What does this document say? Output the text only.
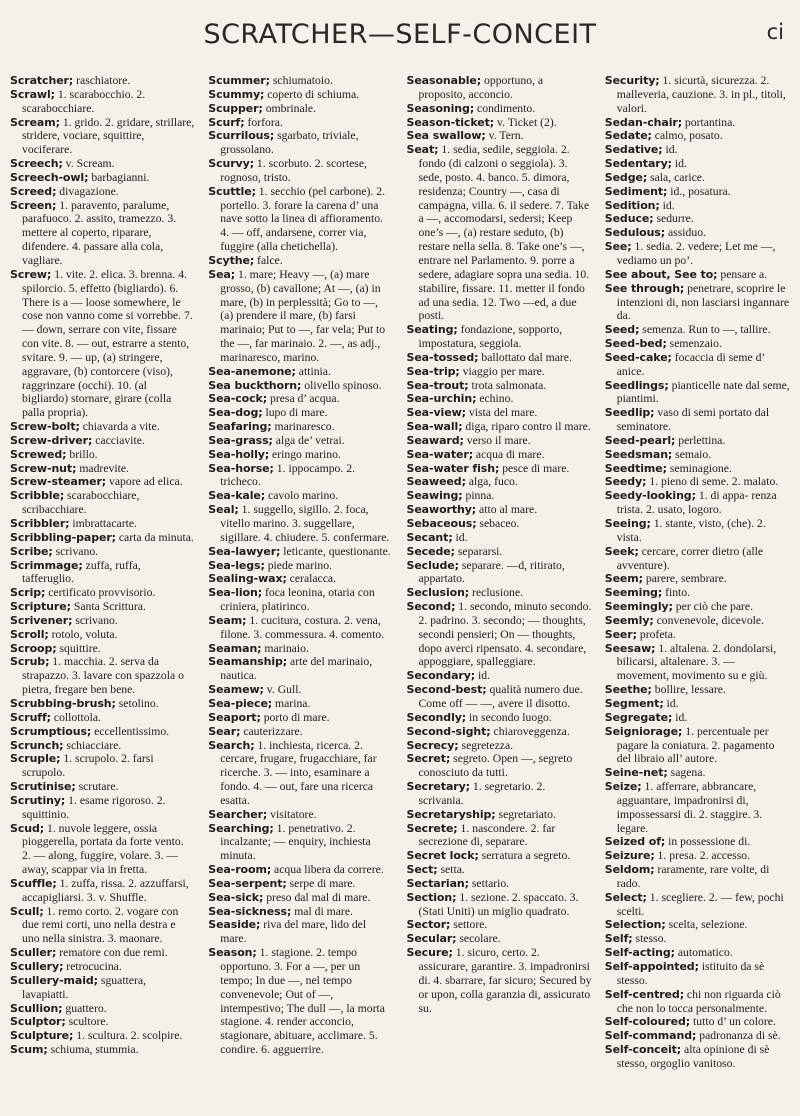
SCRATCHER—SELF-CONCEIT	ci

Scratcher; raschiatore.

Scrawl; 1. scarabocchio. 2. scarabocchiare.

Scream; 1. grido. 2. gridare, strillare, stridere, vociare, squittire, vociferare.

Screech; v. Scream.

Screech-owl; barbagianni.

Screed; divagazione.

Screen; 1. paravento, paralume, parafuoco. 2. assito, tramezzo. 3. mettere al coperto, riparare, difendere. 4. passare alla cola, vagliare.

Screw; 1. vite. 2. elica. 3. brenna. 4. spilorcio. 5. effetto (bigliardo). 6. There is a — loose somewhere, le cose non vanno come si vorrebbe. 7. — down, serrare con vite, fissare con vite. 8. — out, estrarre a stento, svitare. 9. — up, (a) stringere, aggravare, (b) contorcere (viso), raggrinzare (occhi). 10. (al bigliardo) stornare, girare (colla palla propria).

Screw-bolt; chiavarda a vite.

Screw-driver; cacciavite.

Screwed; brillo.

Screw-nut; madrevite.

Screw-steamer; vapore ad elica.

Scribble; scarabocchiare, scribacchiare.

Scribbler; imbrattacarte.

Scribbling-paper; carta da minuta.

Scribe; scrivano.

Scrimmage; zuffa, ruffa, tafferuglio.

Scrip; certificato provvisorio.

Scripture; Santa Scrittura.

Scrivener; scrivano.

Scroll; rotolo, voluta.

Scroop; squittire.

Scrub; 1. macchia. 2. serva da strapazzo. 3. lavare con spazzola o pietra, fregare ben bene.

Scrubbing-brush; setolino.

Scruff; collottola.

Scrumptious; eccellentissimo.

Scrunch; schiacciare.

Scruple; 1. scrupolo. 2. farsi scrupolo.

Scrutinise; scrutare.

Scrutiny; 1. esame rigoroso. 2. squittinio.

Scud; 1. nuvole leggere, ossia pioggerella, portata da forte vento. 2. — along, fuggire, volare. 3. — away, scappar via in fretta.

Scuffle; 1. zuffa, rissa. 2. azzuffarsi, accapigliarsi. 3. v. Shuffle.

Scull; 1. remo corto. 2. vogare con due remi corti, uno nella destra e uno nella sinistra. 3. maonare.

Sculler; rematore con due remi.

Scullery; retrocucina.

Scullery-maid; sguattera, lavapiatti.

Scullion; guattero.

Sculptor; scultore.

Sculpture; 1. scultura. 2. scolpire.

Scum; schiuma, stummia.

Scummer; schiumatoio.

Scummy; coperto di schiuma.

Scupper; ombrinale.

Scurf; forfora.

Scurrilous; sgarbato, triviale, grossolano.

Scurvy; 1. scorbuto. 2. scortese, rognoso, tristo.

Scuttle; 1. secchio (pel carbone). 2. portello. 3. forare la carena d’ una nave sotto la linea di affioramento. 4. — off, andarsene, correr via, fuggire (alla chetichella).

Scythe; falce.

Sea; 1. mare; Heavy —, (a) mare grosso, (b) cavallone; At —, (a) in mare, (b) in perplessità; Go to —, (a) prendere il mare, (b) farsi marinaio; Put to —, far vela; Put to the —, far marinaio. 2. —, as adj., marinaresco, marino.

Sea-anemone; attinia.

Sea buckthorn; olivello spinoso.

Sea-cock; presa d’ acqua.

Sea-dog; lupo di mare.

Seafaring; marinaresco.

Sea-grass; alga de’ vetrai.

Sea-holly; eringo marino.

Sea-horse; 1. ippocampo. 2. tricheco.

Sea-kale; cavolo marino.

Seal; 1. suggello, sigillo. 2. foca, vitello marino. 3. suggellare, sigillare. 4. chiudere. 5. confermare.

Sea-lawyer; leticante, questionante.

Sea-legs; piede marino.

Sealing-wax; ceralacca.

Sea-lion; foca leonina, otaria con criniera, platirinco.

Seam; 1. cucitura, costura. 2. vena, filone. 3. commessura. 4. comento.

Seaman; marinaio.

Seamanship; arte del marinaio, nautica.

Seamew; v. Gull.

Sea-piece; marina.

Seaport; porto di mare.

Sear; cauterizzare.

Search; 1. inchiesta, ricerca. 2. cercare, frugare, frugacchiare, far ricerche. 3. — into, esaminare a fondo. 4. — out, fare una ricerca esatta.

Searcher; visitatore.

Searching; 1. penetrativo. 2. incalzante; — enquiry, inchiesta minuta.

Sea-room; acqua libera da correre.

Sea-serpent; serpe di mare.

Sea-sick; preso dal mal di mare.

Sea-sickness; mal di mare.

Seaside; riva del mare, lido del mare.

Season; 1. stagione. 2. tempo opportuno. 3. For a —, per un tempo; In due —, nel tempo convenevole; Out of —, intempestivo; The dull —, la morta stagione. 4. render acconcio, stagionare, abituare, acclimare. 5. condire. 6. agguerrire.

Seasonable; opportuno, a proposito, acconcio.

Seasoning; condimento.

Season-ticket; v. Ticket (2).

Sea swallow; v. Tern.

Seat; 1. sedia, sedile, seggiola. 2. fondo (di calzoni o seggiola). 3. sede, posto. 4. banco. 5. dimora, residenza; Country —, casa di campagna, villa. 6. il sedere. 7. Take a —, accomodarsi, sedersi; Keep one’s —, (a) restare seduto, (b) restare nella sella. 8. Take one’s —, entrare nel Parlamento. 9. porre a sedere, adagiare sopra una sedia. 10. stabilire, fissare. 11. metter il fondo ad una sedia. 12. Two —ed, a due posti.

Seating; fondazione, sopporto, impostatura, seggiola.

Sea-tossed; ballottato dal mare.

Sea-trip; viaggio per mare.

Sea-trout; trota salmonata.

Sea-urchin; echino.

Sea-view; vista del mare.

Sea-wall; diga, riparo contro il mare.

Seaward; verso il mare.

Sea-water; acqua di mare.

Sea-water fish; pesce di mare.

Seaweed; alga, fuco.

Seawing; pinna.

Seaworthy; atto al mare.

Sebaceous; sebaceo.

Secant; id.

Secede; separarsi.

Seclude; separare. —d, ritirato, appartato.

Seclusion; reclusione.

Second; 1. secondo, minuto secondo. 2. padrino. 3. secondo; — thoughts, secondi pensieri; On — thoughts, dopo averci ripensato. 4. secondare, appoggiare, spalleggiare.

Secondary; id.

Second-best; qualità numero due. Come off — —, avere il disotto.

Secondly; in secondo luogo.

Second-sight; chiaroveggenza.

Secrecy; segretezza.

Secret; segreto. Open —, segreto conosciuto da tutti.

Secretary; 1. segretario. 2. scrivania.

Secretaryship; segretariato.

Secrete; 1. nascondere. 2. far secrezione di, separare.

Secret lock; serratura a segreto.

Sect; setta.

Sectarian; settario.

Section; 1. sezione. 2. spaccato. 3. (Stati Uniti) un miglio quadrato.

Sector; settore.

Secular; secolare.

Secure; 1. sicuro, certo. 2. assicurare, garantire. 3. impadronirsi di. 4. sbarrare, far sicuro; Secured by or upon, colla garanzia di, assicurato su.

Security; 1. sicurtà, sicurezza. 2. malleveria, cauzione. 3. in pl., titoli, valori.

Sedan-chair; portantina.

Sedate; calmo, posato.

Sedative; id.

Sedentary; id.

Sedge; sala, carice.

Sediment; id., posatura.

Sedition; id.

Seduce; sedurre.

Sedulous; assiduo.

See; 1. sedia. 2. vedere; Let me —, vediamo un po’.

See about, See to; pensare a.

See through; penetrare, scoprire le intenzioni di, non lasciarsi ingannare da.

Seed; semenza. Run to —, tallire.

Seed-bed; semenzaio.

Seed-cake; focaccia di seme d’ anice.

Seedlings; pianticelle nate dal seme, piantimi.

Seedlip; vaso di semi portato dal seminatore.

Seed-pearl; perlettina.

Seedsman; semaio.

Seedtime; seminagione.

Seedy; 1. pieno di seme. 2. malato.

Seedy-looking; 1. di appa- renza trista. 2. usato, logoro.

Seeing; 1. stante, visto, (che). 2. vista.

Seek; cercare, correr dietro (alle avventure).

Seem; parere, sembrare.

Seeming; finto.

Seemingly; per ciò che pare.

Seemly; convenevole, dicevole.

Seer; profeta.

Seesaw; 1. altalena. 2. dondolarsi, bilicarsi, altalenare. 3. — movement, movimento su e giù.

Seethe; bollire, lessare.

Segment; id.

Segregate; id.

Seigniorage; 1. percentuale per pagare la coniatura. 2. pagamento del libraio all’ autore.

Seine-net; sagena.

Seize; 1. afferrare, abbrancare, agguantare, impadronirsi di, impossessarsi di. 2. staggire. 3. legare.

Seized of; in possessione di.

Seizure; 1. presa. 2. accesso.

Seldom; raramente, rare volte, di rado.

Select; 1. scegliere. 2. — few, pochi scelti.

Selection; scelta, selezione.

Self; stesso.

Self-acting; automatico.

Self-appointed; istituito da sè stesso.

Self-centred; chi non riguarda ciò che non lo tocca personalmente.

Self-coloured; tutto d’ un colore.

Self-command; padronanza di sè.

Self-conceit; alta opinione di sè stesso, orgoglio vanitoso.
